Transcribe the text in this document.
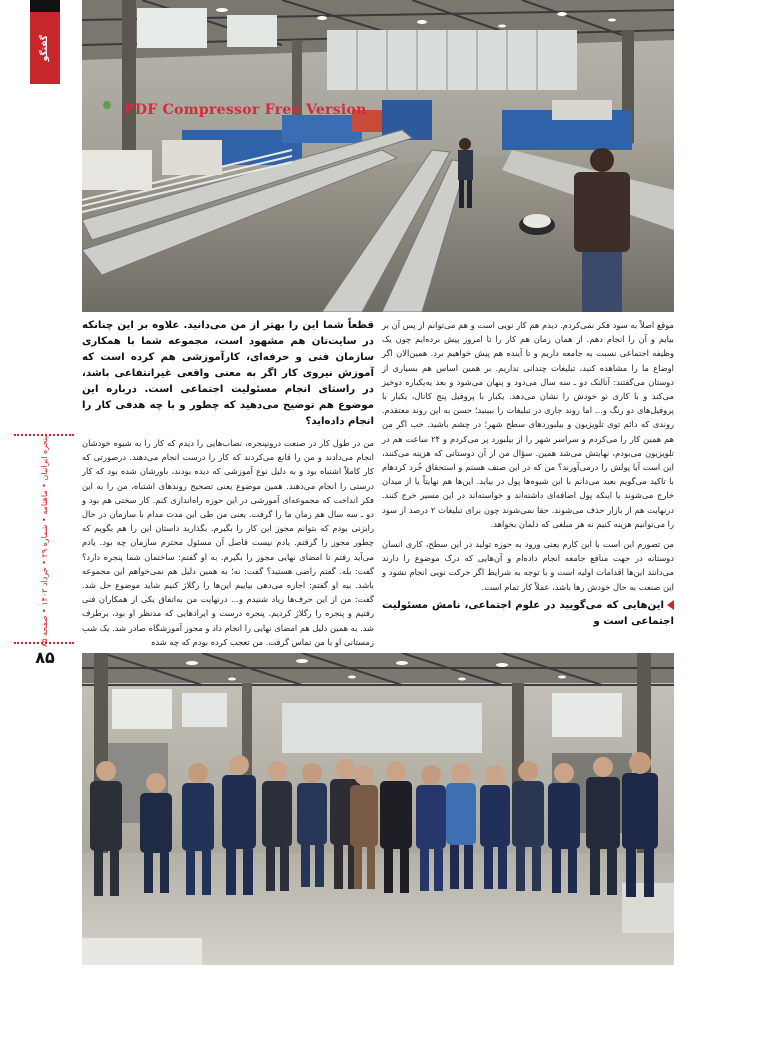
گفتگو
پنجره ایرانیان • ماهنامه • شماره ۲۹ • خرداد ۱۴۰۲ • صفحه ۸۵
۸۵
PDF Compressor Free Version

موقع اصلاً به سود فکر نمی‌کردم. دیدم هم کار نویی است و هم می‌توانم از پس آن بر بیایم و آن را انجام دهم. از همان زمان هم کار را تا امروز پیش برده‌ایم چون یک وظیفه اجتماعی نسبت به جامعه داریم و تا آینده هم پیش خواهیم برد. همین‌الان اگر اوضاع ما را مشاهده کنید، تبلیغات چندانی نداریم. بر همین اساس هم بسیاری از دوستان می‌گفتند: آنالنک دو ـ سه سال می‌دود و پنهان می‌شود و بعد یه‌یکباره دوخیز می‌کند و با کاری نو خودش را نشان می‌دهد. یکبار با پروفیل پنج کانال، یکبار با پروفیل‌های دو رنگ و... اما روند جاری در تبلیغات را ببینید؛ حسن به این روند معتقدم. روندی که دائم توی تلویزیون و بیلبوردهای سطح شهر؛ در چشم باشید. خب اگر من هم همین کار را می‌کردم و سراسر شهر را از بیلبورد پر می‌کردم و ۲۴ ساعت هم در تلویزیون می‌بودم، نهایتش می‌شد همین. سؤال من از آن دوستانی که هزینه می‌کنند، این است آیا پولش را درمی‌آورند؟ من که در این صنف هستم و استحقاق خُرد کردهام با تاکید می‌گویم بعید می‌دانم با این شیوه‌ها پول در بیاید. این‌ها هم نهایتاً یا از میدان خارج می‌شوند یا اینکه پول اضافه‌ای داشته‌اند و خواسته‌اند در این مسیر خرج کنند. درنهایت هم از بازار حذف می‌شوند. حقا نمی‌شوند چون برای تبلیغات ۲ درصد از سود را می‌توانیم هزینه کنیم نه هر مبلغی که دلمان بخواهد.

من تصورم این است با این کارم یعنی ورود به حوزه تولید در این سطح، کاری انسان دوستانه در جهت منافع جامعه انجام داده‌ام و آن‌هایی که درک موضوع را دارند می‌دانند این‌ها اقدامات اولیه است و با توجه به شرایط اگر حرکت نویی انجام نشود و این صنعت به حال خودش رها باشد، عملاً کار تمام است.

این‌هایی که می‌گویید در علوم اجتماعی، نامش مسئولیت اجتماعی است و

قطعاً شما این را بهتر از من می‌دانید. علاوه بر این چنانکه در سایت‌تان هم مشهود است، مجموعه شما با همکاری سازمان فنی و حرفه‌ای، کارآموزشی هم کرده است که آموزش نیروی کار اگر به معنی واقعی غیرانتفاعی باشد، در راستای انجام مسئولیت اجتماعی است. درباره این موضوع هم توضیح می‌دهید که چطور و با چه هدفی کار را انجام داده‌اید؟

من در طول کار در صنعت درونپنجره، نصاب‌هایی را دیدم که کار را به شیوه خودشان انجام می‌دادند و من را قانع می‌کردند که کار را درست انجام می‌دهند. درصورتی که کار کاملاً اشتباه بود و به دلیل نوع آموزشی که دیده بودند، باورشان شده بود که کار درستی را انجام می‌دهند. همین موضوع یعنی تصحیح روندهای اشتباه، من را به این فکر انداخت که مجموعه‌ای آموزشی در این حوزه راه‌اندازی کنم. کار سختی هم بود و دو ـ سه سال هم زمان ما را گرفت. یعنی من طی این مدت مدام با سازمان در حال رایزنی بودم که بتوانم مجوز این کار را بگیرم. بگذارید داستان این را هم بگویم که چطور مجوز را گرفتم. یادم نیست قاصل آن مسئول محترم سازمان چه بود. یادم می‌آید رفتم تا امضای نهایی مجوز را بگیرم. به او گفتم: ساختمان شما پنجره دارد؟ گفت: بله. گفتم راضی هستید؟ گفت: نه؛ به همین دلیل هم نمی‌خواهم این مجموعه باشد. بیه او گفتم: اجازه می‌دهی بیاییم این‌ها را رگلاژ کنیم شاید موضوع حل شد. گفت: من از این حرف‌ها زیاد شنیدم و... درنهایت من به‌اتفاق یکی از همکاران فنی رفتیم و پنجره را رگلاژ کردیم. پنجره درست و ایرادهایی که مدنظر او بود، برطرف شد. به همین دلیل هم امضای نهایی را انجام داد و مجوز آموزشگاه صادر شد. یک شب زمستانی او با من تماس گرفت. من تعجب کرده بودم که چه شده
